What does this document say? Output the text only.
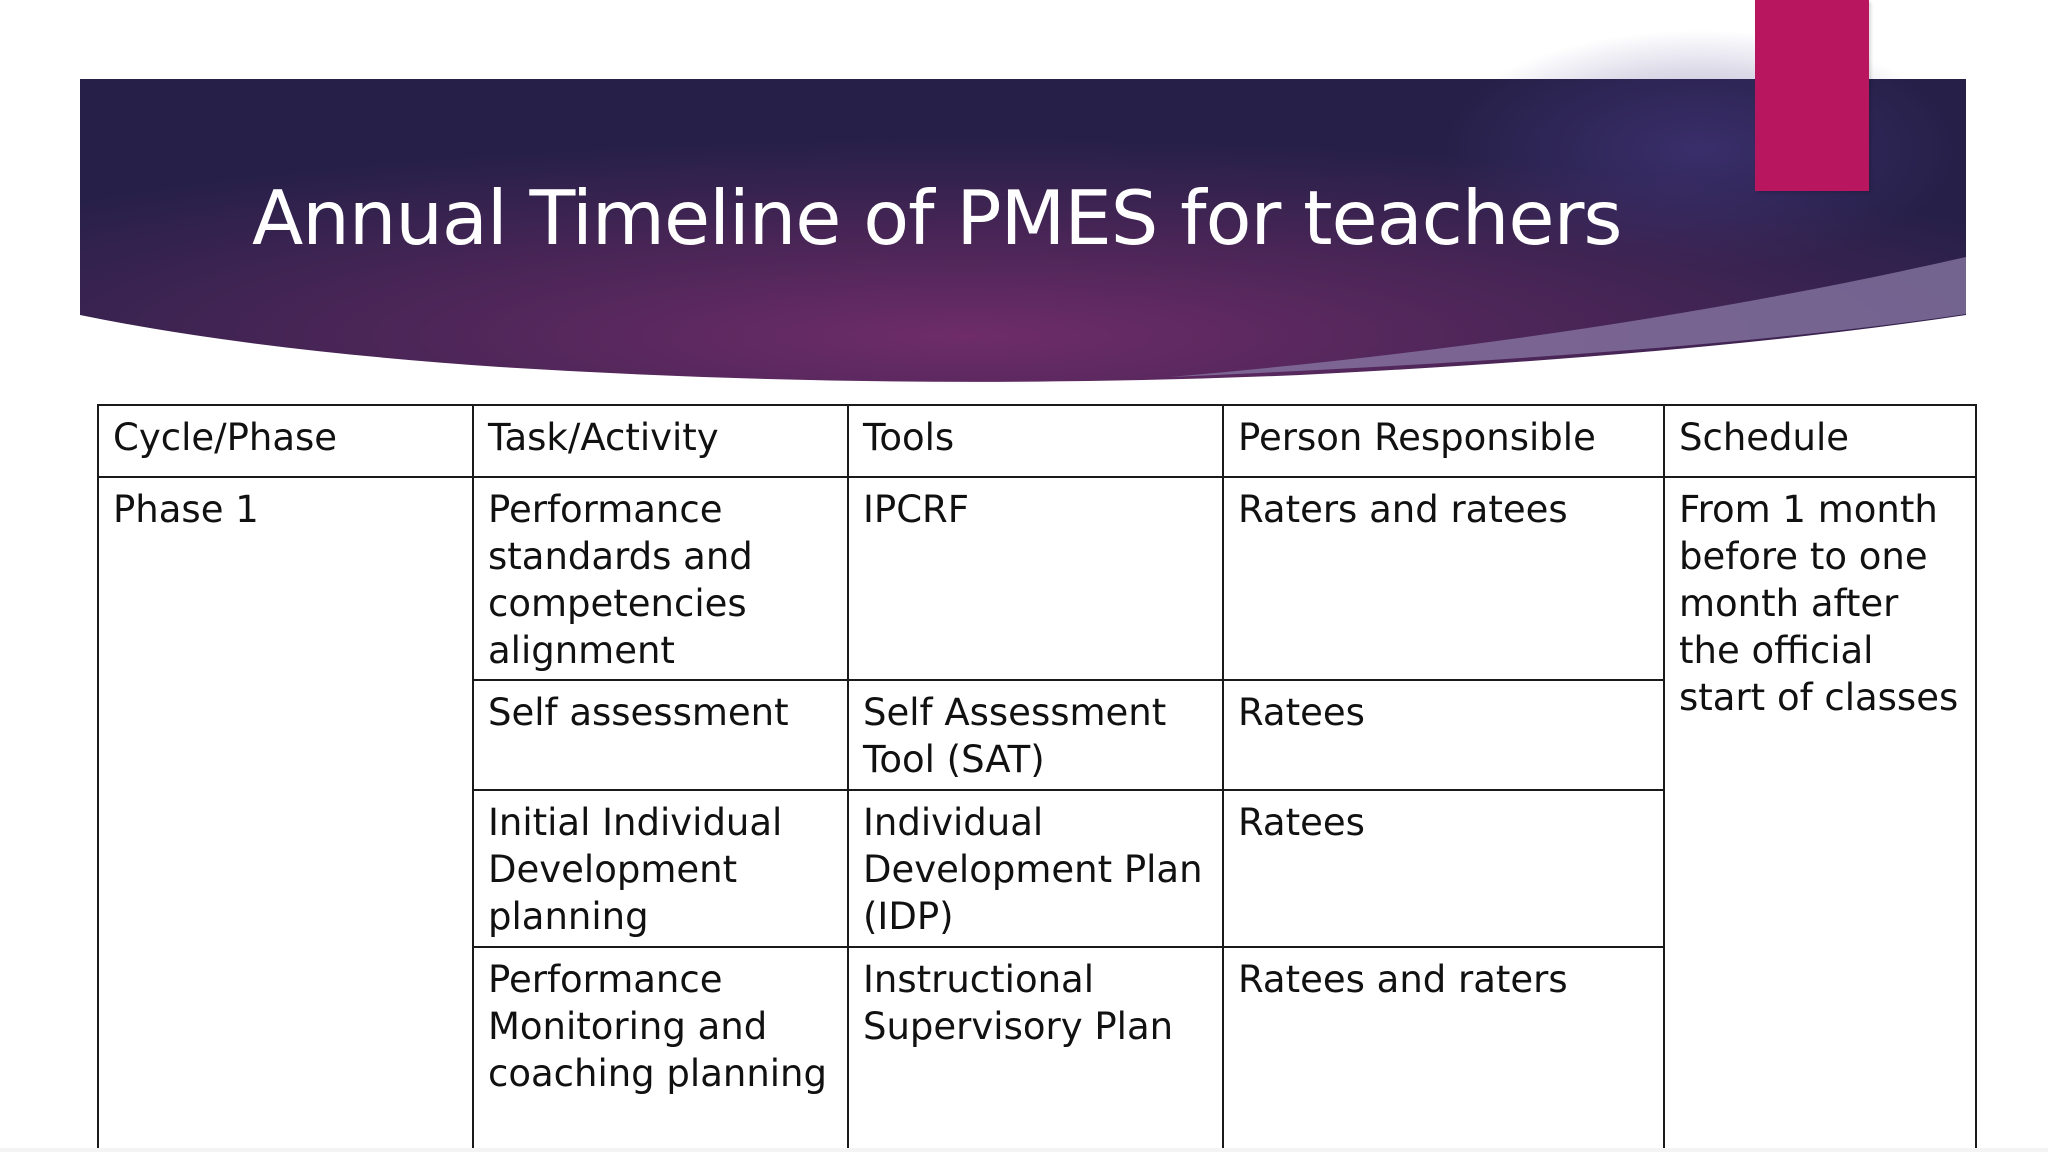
Annual Timeline of PMES for teachers
Cycle/Phase	Task/Activity	Tools	Person Responsible	Schedule
Phase 1	Performance standards and competencies alignment	IPCRF	Raters and ratees	From 1 month before to one month after the official start of classes
	Self assessment	Self Assessment Tool (SAT)	Ratees	
	Initial Individual Development planning	Individual Development Plan (IDP)	Ratees	
	Performance Monitoring and coaching planning	Instructional Supervisory Plan	Ratees and raters	
